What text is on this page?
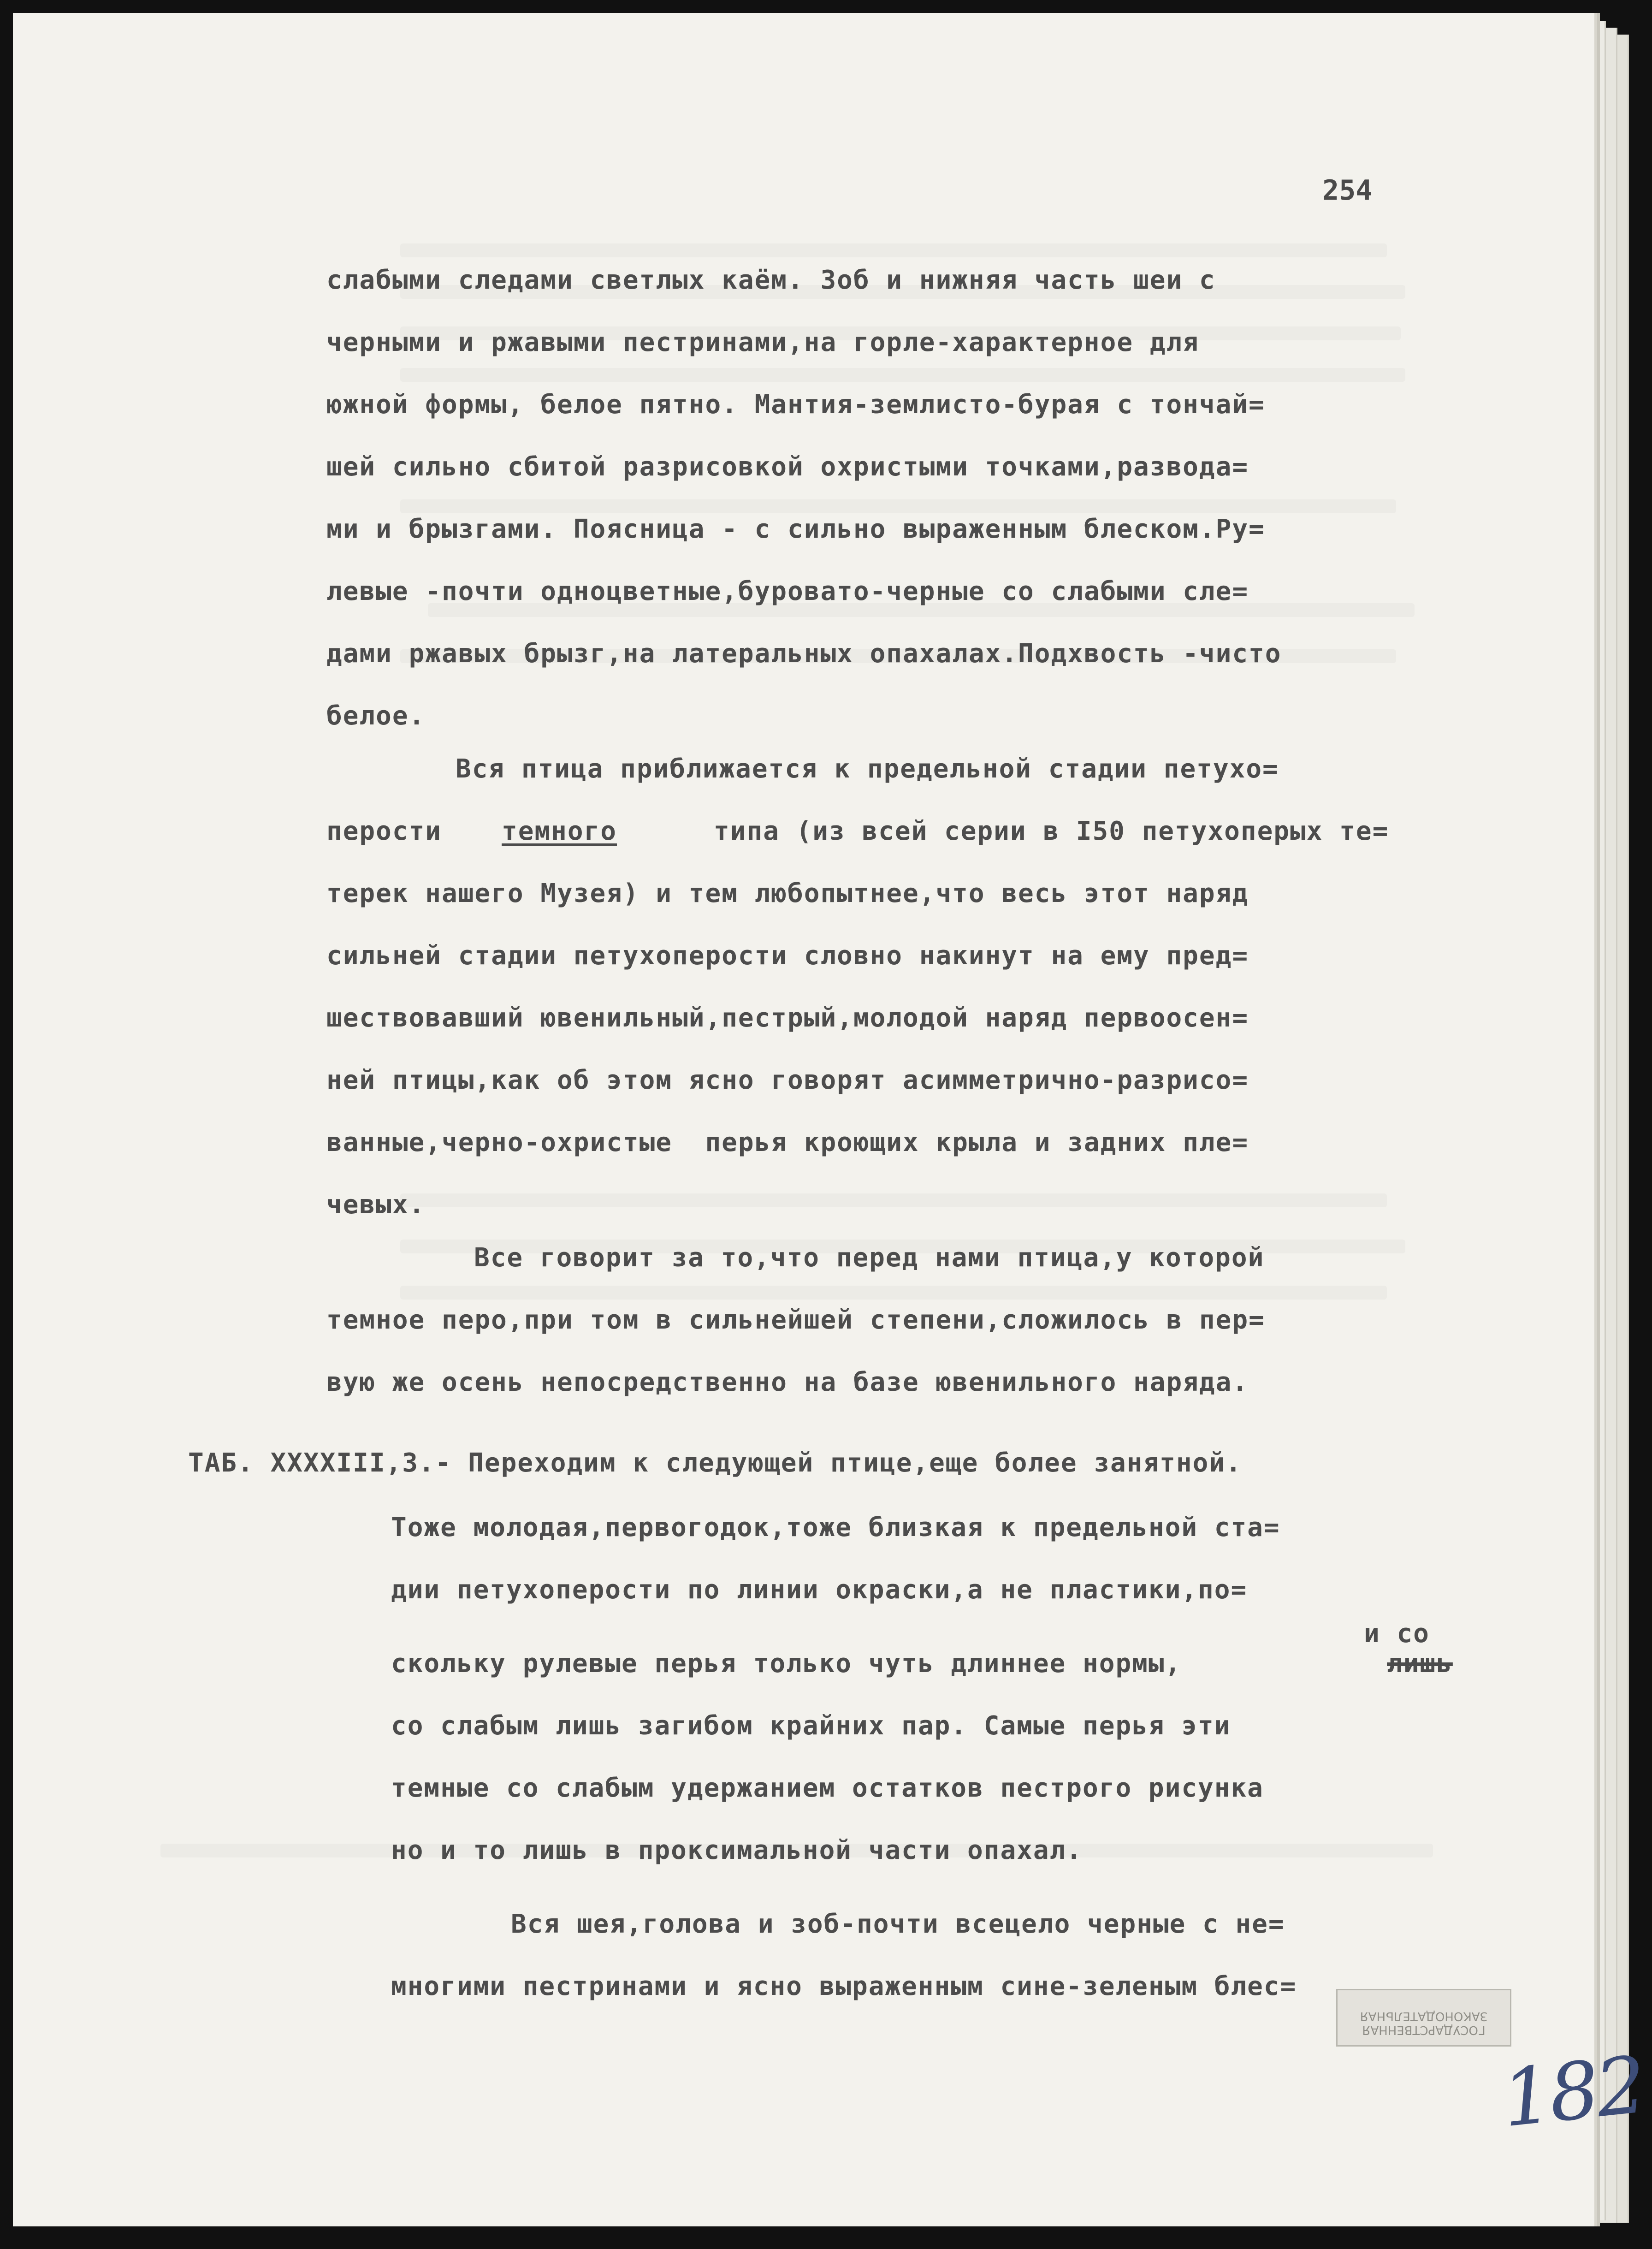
254
слабыми следами светлых каём. Зоб и нижняя часть шеи с
черными и ржавыми пестринами,на горле-характерное для
южной формы, белое пятно. Мантия-землисто-бурая с тончай=
шей сильно сбитой разрисовкой охристыми точками,развода=
ми и брызгами. Поясница - с сильно выраженным блеском.Ру=
левые -почти одноцветные,буровато-черные со слабыми сле=
дами ржавых брызг,на латеральных опахалах.Подхвость -чисто
белое.
Вся птица приближается к предельной стадии петухо=
перости темного	типа (из всей серии в I50 петухоперых те=
терек нашего Музея) и тем любопытнее,что весь этот наряд
сильней стадии петухоперости словно накинут на ему пред=
шествовавший ювенильный,пестрый,молодой наряд первоосен=
ней птицы,как об этом ясно говорят асимметрично-разрисо=
ванные,черно-охристые  перья кроющих крыла и задних пле=
чевых.
Все говорит за то,что перед нами птица,у которой
темное перо,при том в сильнейшей степени,сложилось в пер=
вую же осень непосредственно на базе ювенильного наряда.
ТАБ. XXXXIII,3.- Переходим к следующей птице,еще более занятной.
Тоже молодая,первогодок,тоже близкая к предельной ста=
дии петухоперости по линии окраски,а не пластики,по=
и со
скольку рулевые перья только чуть длиннее нормы,	лишь
со слабым лишь загибом крайних пар. Самые перья эти
темные со слабым удержанием остатков пестрого рисунка
но и то лишь в проксимальной части опахал.
Вся шея,голова и зоб-почти всецело черные с не=
многими пестринами и ясно выраженным сине-зеленым блес=
ГОСУДАРСТВЕННАЯ ЗАКОНОДАТЕЛЬНАЯ
182
